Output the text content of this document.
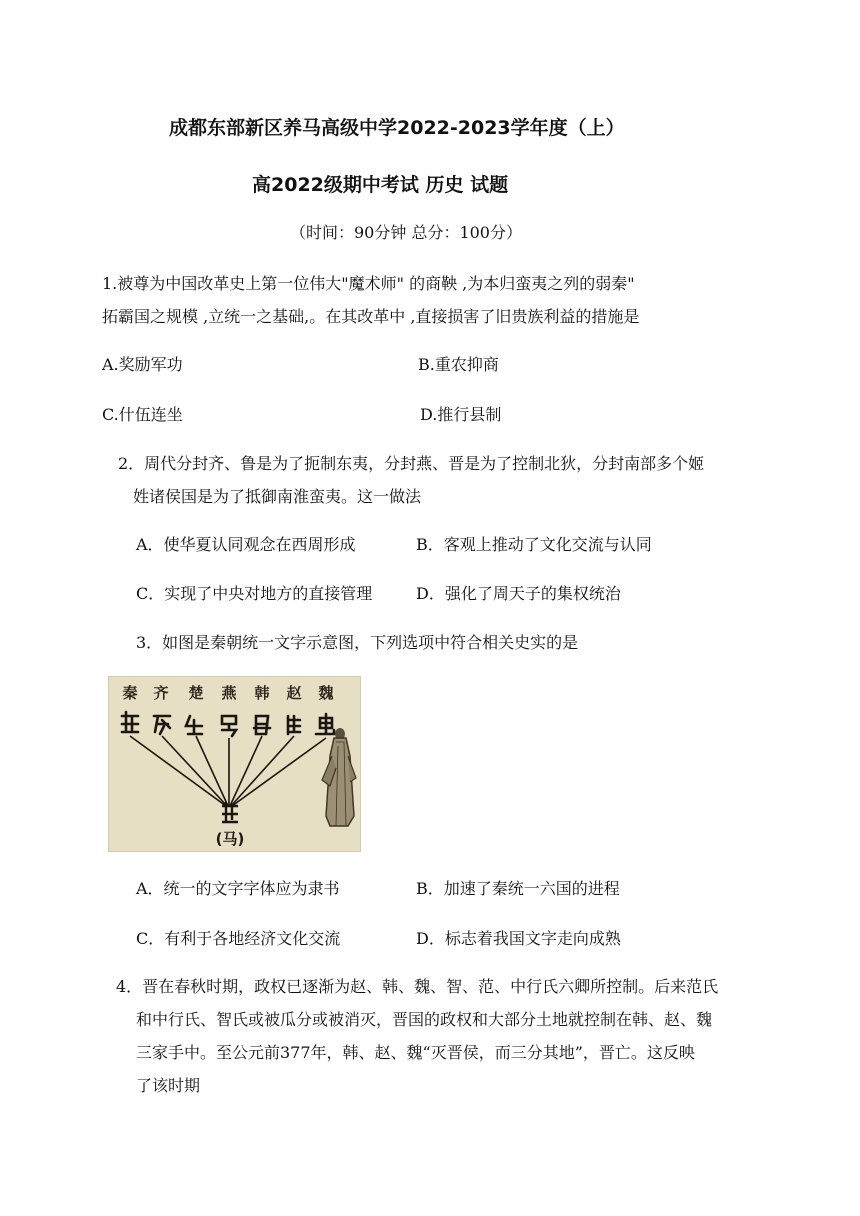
成都东部新区养马高级中学2022-2023学年度（上）
高2022级期中考试 历史 试题
（时间：90分钟 总分：100分）
1.被尊为中国改革史上第一位伟大"魔术师" 的商鞅 ,为本归蛮夷之列的弱秦"
拓霸国之规模 ,立统一之基础,。在其改革中 ,直接损害了旧贵族利益的措施是
A.奖励军功	B.重农抑商
C.什伍连坐	D.推行县制
2．周代分封齐、鲁是为了扼制东夷，分封燕、晋是为了控制北狄，分封南部多个姬
姓诸侯国是为了抵御南淮蛮夷。这一做法
A．使华夏认同观念在西周形成	B．客观上推动了文化交流与认同
C．实现了中央对地方的直接管理	D．强化了周天子的集权统治
3．如图是秦朝统一文字示意图，下列选项中符合相关史实的是
秦 齐 楚 燕 韩 赵 魏
(马)
A．统一的文字字体应为隶书	B．加速了秦统一六国的进程
C．有利于各地经济文化交流	D．标志着我国文字走向成熟
4．晋在春秋时期，政权已逐渐为赵、韩、魏、智、范、中行氏六卿所控制。后来范氏
和中行氏、智氏或被瓜分或被消灭，晋国的政权和大部分土地就控制在韩、赵、魏
三家手中。至公元前377年，韩、赵、魏“灭晋侯，而三分其地”，晋亡。这反映
了该时期
